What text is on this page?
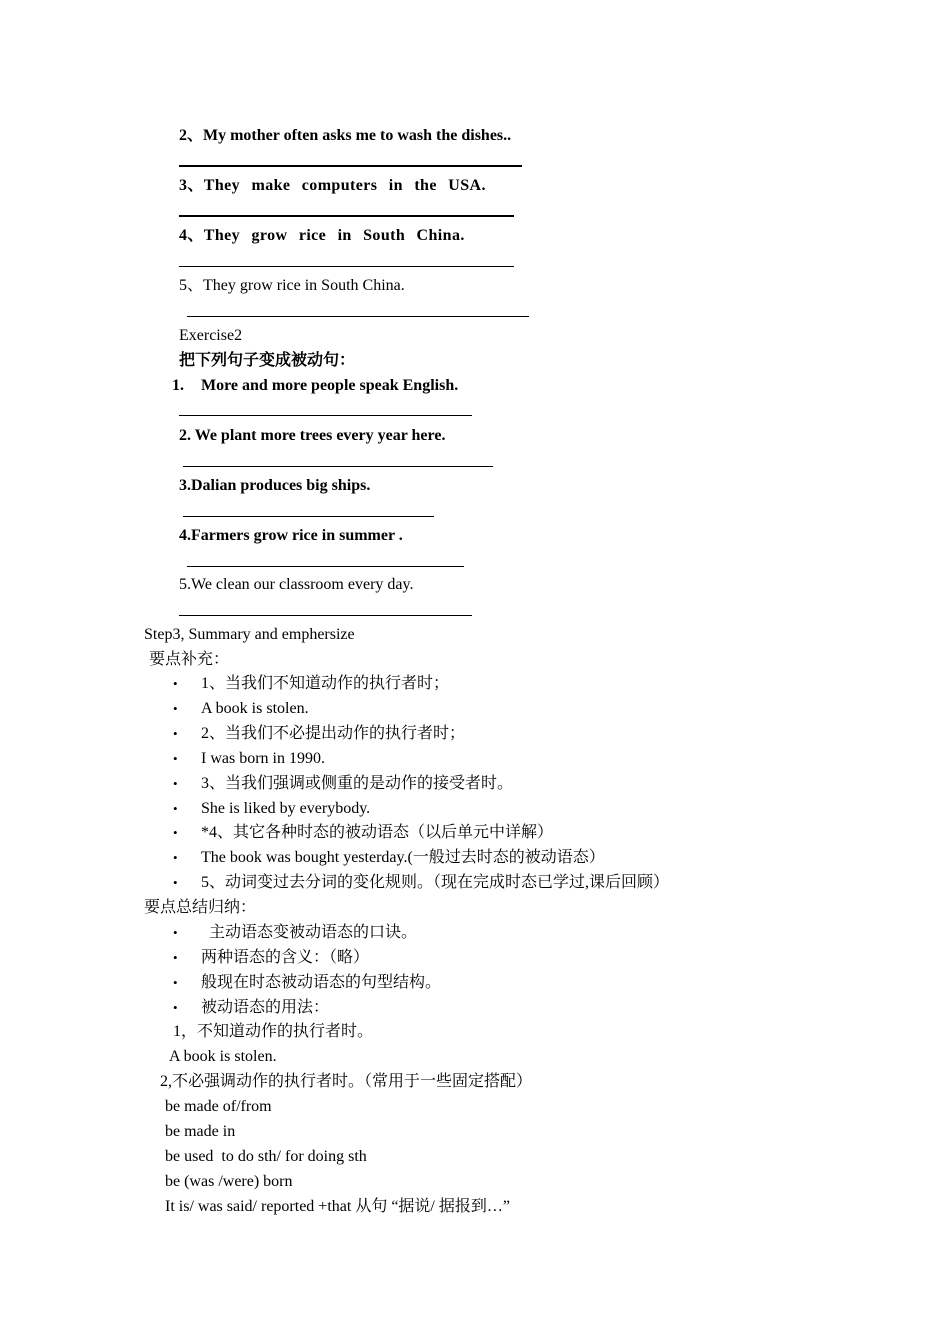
2、My mother often asks me to wash the dishes..
3、They make computers in the USA.
4、They grow rice in South China.
5、They grow rice in South China.
Exercise2
把下列句子变成被动句：
1. More and more people speak English.
2. We plant more trees every year here.
3.Dalian produces big ships.
4.Farmers grow rice in summer .
5.We clean our classroom every day.
Step3, Summary and emphersize
要点补充：
• 1、当我们不知道动作的执行者时；
• A book is stolen.
• 2、当我们不必提出动作的执行者时；
• I was born in 1990.
• 3、当我们强调或侧重的是动作的接受者时。
• She is liked by everybody.
• *4、其它各种时态的被动语态（以后单元中详解）
• The book was bought yesterday.(一般过去时态的被动语态）
• 5、动词变过去分词的变化规则。（现在完成时态已学过,课后回顾）
要点总结归纳：
• 主动语态变被动语态的口诀。
• 两种语态的含义：（略）
• 般现在时态被动语态的句型结构。
• 被动语态的用法：
1，不知道动作的执行者时。
A book is stolen.
2,不必强调动作的执行者时。（常用于一些固定搭配）
be made of/from
be made in
be used  to do sth/ for doing sth
be (was /were) born
It is/ was said/ reported +that 从句 “据说/ 据报到…”
